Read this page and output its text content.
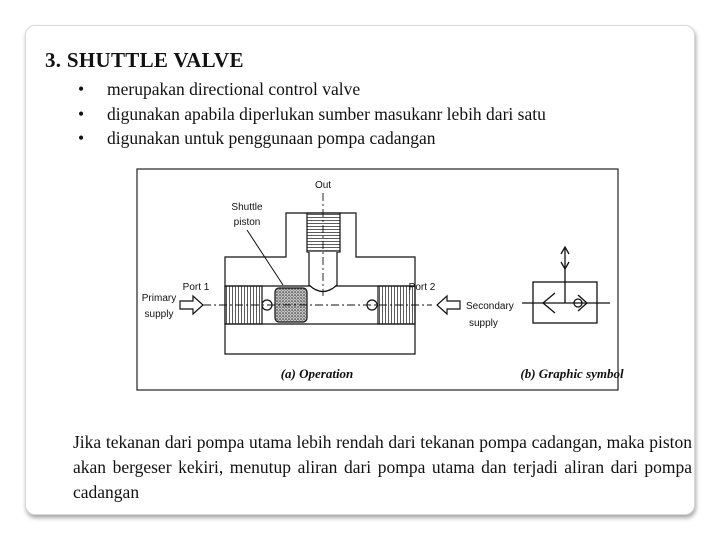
3. SHUTTLE VALVE
• merupakan directional control valve
• digunakan apabila diperlukan sumber masukanr lebih dari satu
• digunakan untuk penggunaan pompa cadangan
Out
Shuttle
piston
Port 1	Port 2
Primary
supply
Secondary
supply
(a) Operation	(b) Graphic symbol
Jika tekanan dari pompa utama lebih rendah dari tekanan pompa cadangan, maka piston akan bergeser kekiri, menutup aliran dari pompa utama dan terjadi aliran dari pompa cadangan
